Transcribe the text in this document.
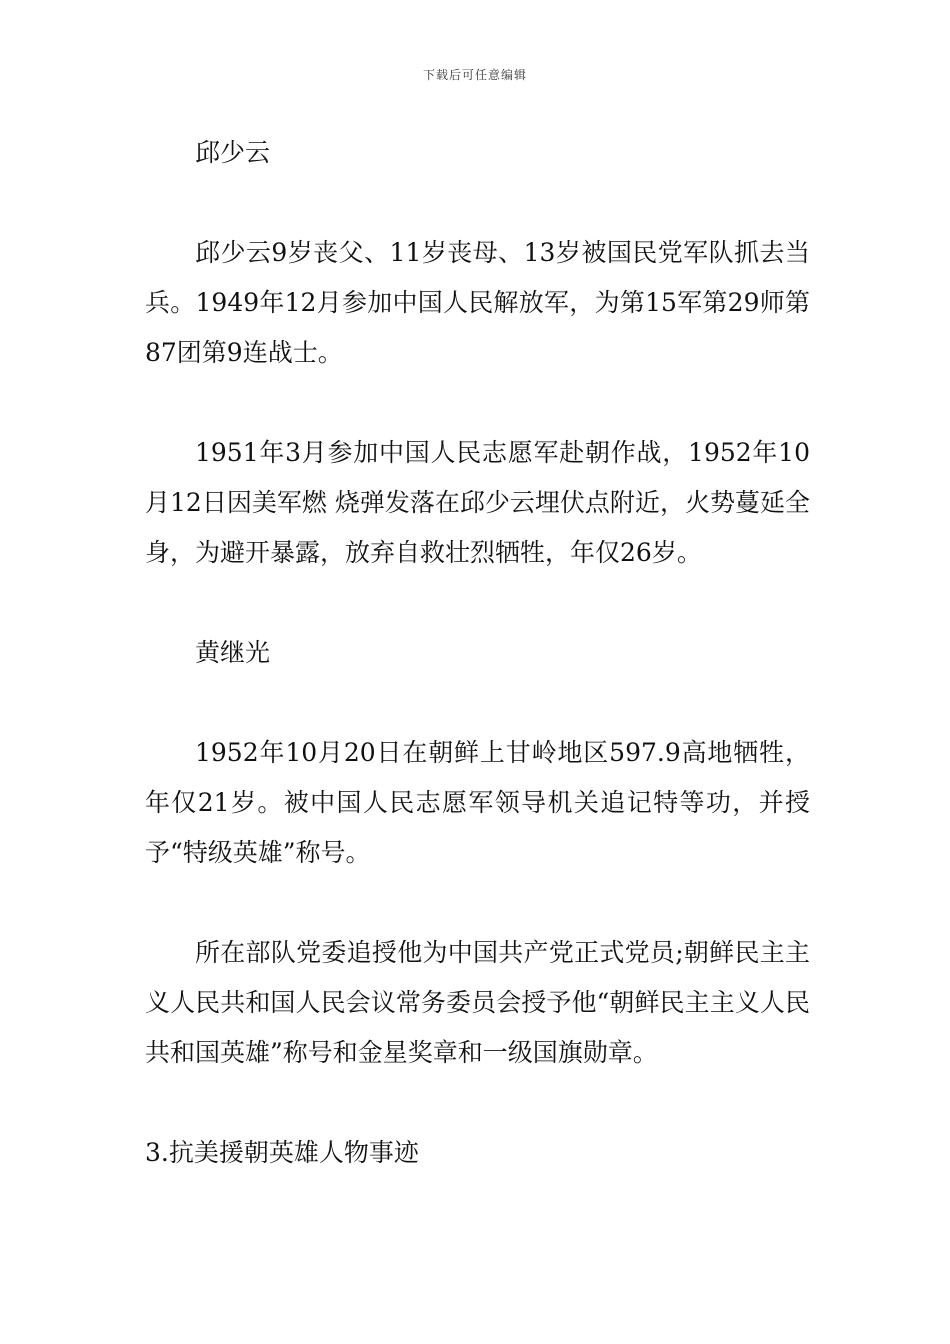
下载后可任意编辑

邱少云

邱少云9岁丧父、11岁丧母、13岁被国民党军队抓去当兵。1949年12月参加中国人民解放军，为第15军第29师第87团第9连战士。

1951年3月参加中国人民志愿军赴朝作战，1952年10月12日因美军燃 烧弹发落在邱少云埋伏点附近，火势蔓延全身，为避开暴露，放弃自救壮烈牺牲，年仅26岁。

黄继光

1952年10月20日在朝鲜上甘岭地区597.9高地牺牲，年仅21岁。被中国人民志愿军领导机关追记特等功，并授予“特级英雄”称号。

所在部队党委追授他为中国共产党正式党员;朝鲜民主主义人民共和国人民会议常务委员会授予他“朝鲜民主主义人民共和国英雄”称号和金星奖章和一级国旗勋章。

3.抗美援朝英雄人物事迹
